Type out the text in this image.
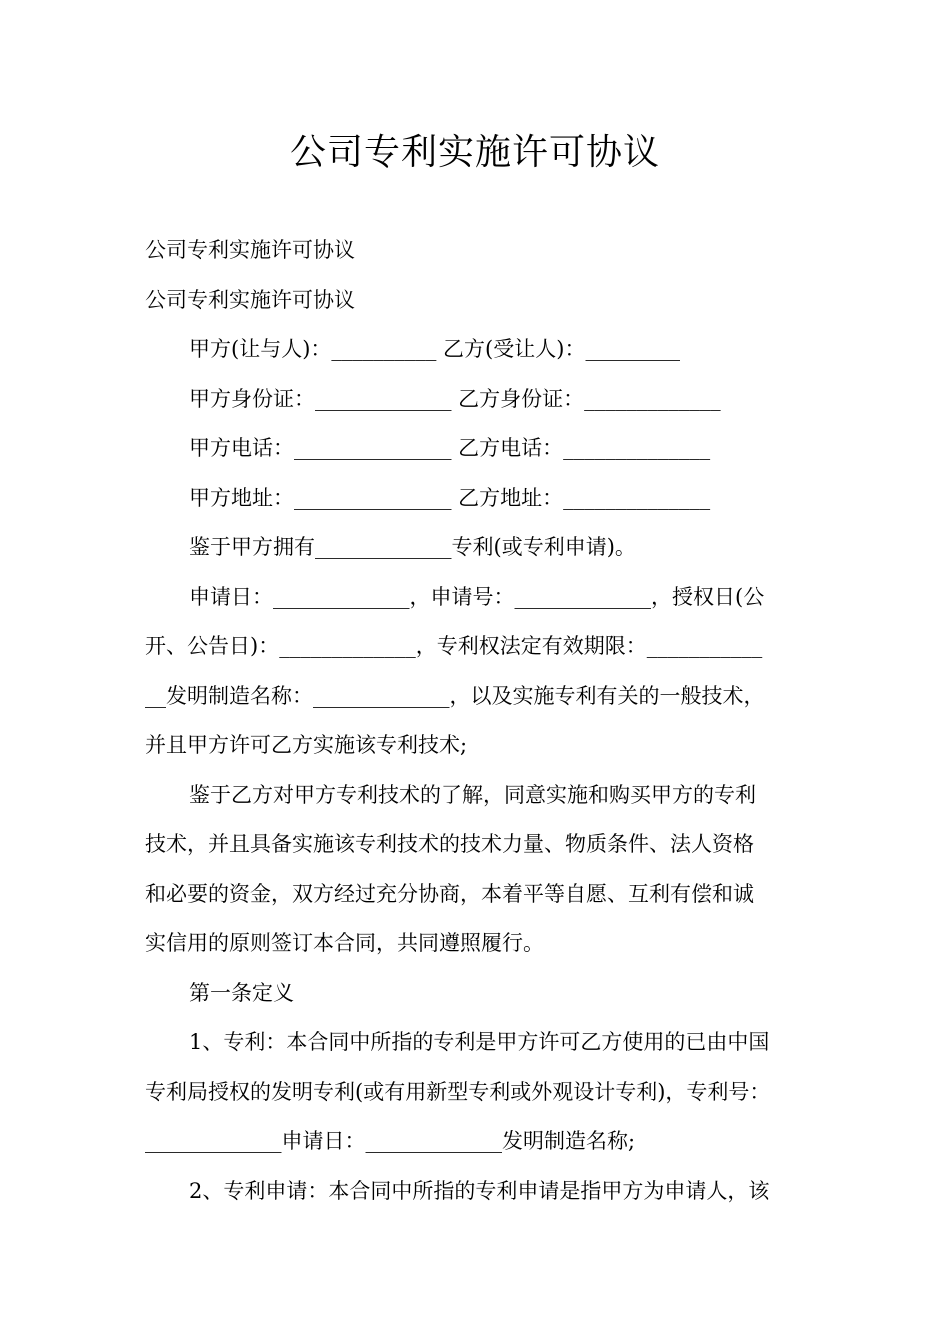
公司专利实施许可协议
公司专利实施许可协议
公司专利实施许可协议
甲方(让与人)：__________ 乙方(受让人)：_________
甲方身份证：_____________ 乙方身份证：_____________
甲方电话：_______________ 乙方电话：______________
甲方地址：_______________ 乙方地址：______________
鉴于甲方拥有_____________专利(或专利申请)。
申请日：_____________，申请号：_____________，授权日(公
开、公告日)：_____________，专利权法定有效期限：___________
__发明制造名称：_____________，以及实施专利有关的一般技术，
并且甲方许可乙方实施该专利技术;
鉴于乙方对甲方专利技术的了解，同意实施和购买甲方的专利
技术，并且具备实施该专利技术的技术力量、物质条件、法人资格
和必要的资金，双方经过充分协商，本着平等自愿、互利有偿和诚
实信用的原则签订本合同，共同遵照履行。
第一条定义
1、专利：本合同中所指的专利是甲方许可乙方使用的已由中国
专利局授权的发明专利(或有用新型专利或外观设计专利)，专利号：
_____________申请日：_____________发明制造名称;
2、专利申请：本合同中所指的专利申请是指甲方为申请人，该
